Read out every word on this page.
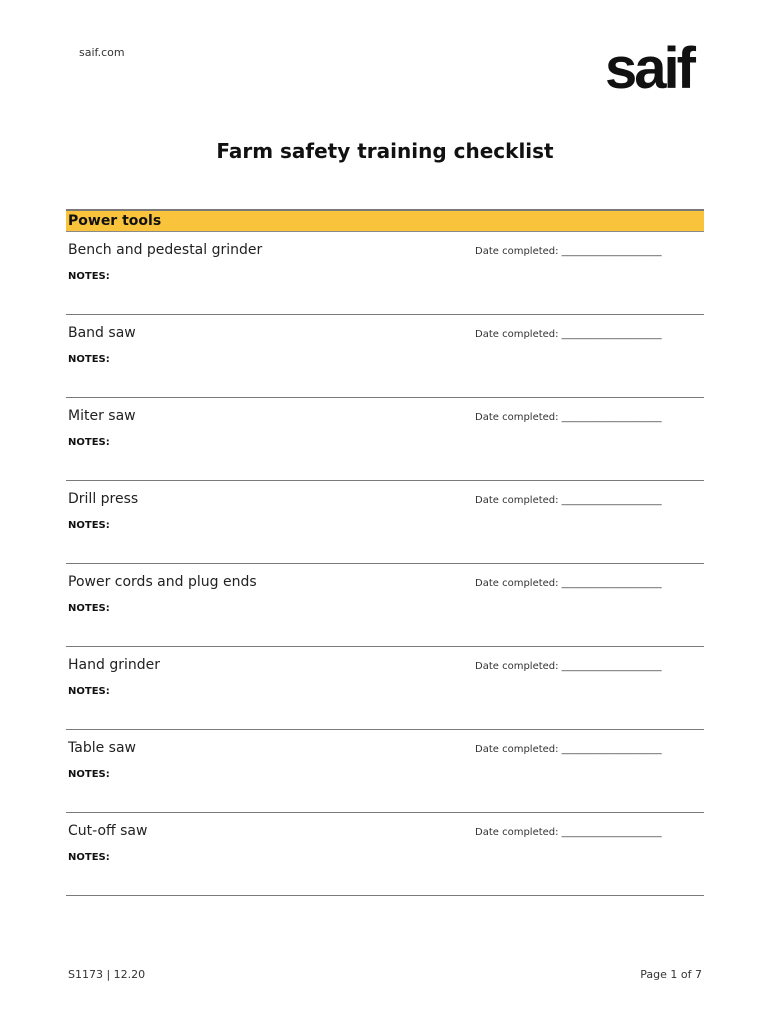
saif.com	saif
Farm safety training checklist
Power tools
Bench and pedestal grinder	Date completed: ____________________
NOTES:
Band saw	Date completed: ____________________
NOTES:
Miter saw	Date completed: ____________________
NOTES:
Drill press	Date completed: ____________________
NOTES:
Power cords and plug ends	Date completed: ____________________
NOTES:
Hand grinder	Date completed: ____________________
NOTES:
Table saw	Date completed: ____________________
NOTES:
Cut-off saw	Date completed: ____________________
NOTES:
S1173 | 12.20	Page 1 of 7
